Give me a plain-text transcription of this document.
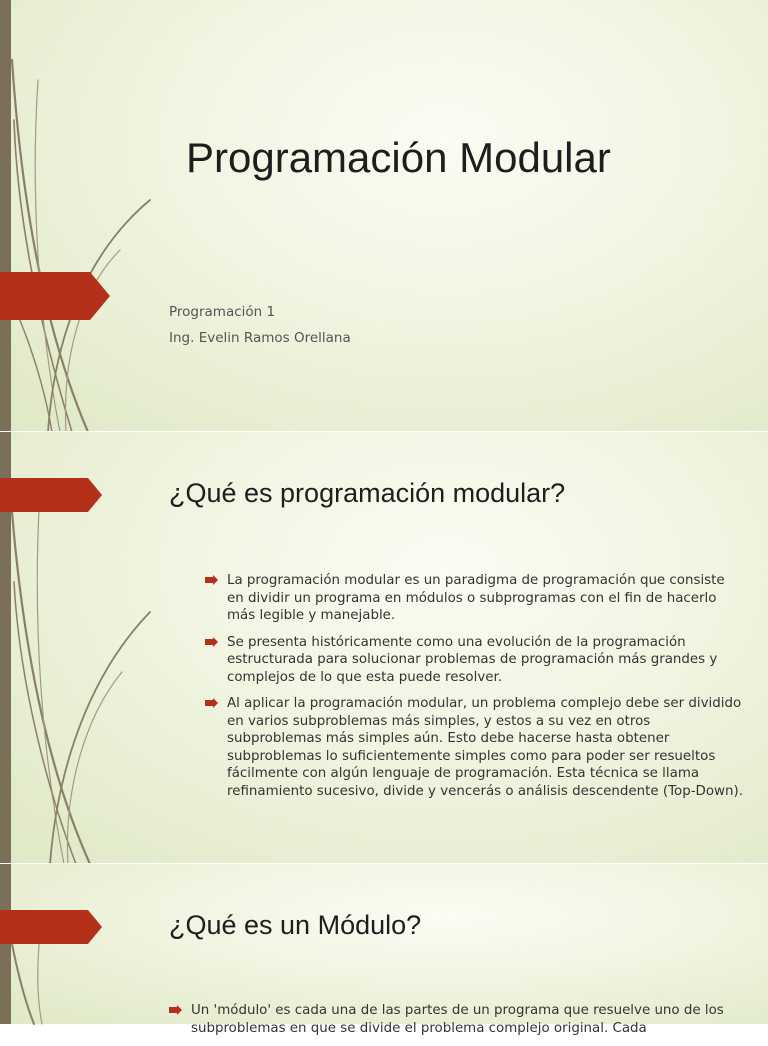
Programación Modular

Programación 1

Ing. Evelin Ramos Orellana

¿Qué es programación modular?
La programación modular es un paradigma de programación que consiste en dividir un programa en módulos o subprogramas con el fin de hacerlo más legible y manejable.
Se presenta históricamente como una evolución de la programación estructurada para solucionar problemas de programación más grandes y complejos de lo que esta puede resolver.
Al aplicar la programación modular, un problema complejo debe ser dividido en varios subproblemas más simples, y estos a su vez en otros subproblemas más simples aún. Esto debe hacerse hasta obtener subproblemas lo suficientemente simples como para poder ser resueltos fácilmente con algún lenguaje de programación. Esta técnica se llama refinamiento sucesivo, divide y vencerás o análisis descendente (Top-Down).
¿Qué es un Módulo?
Un 'módulo' es cada una de las partes de un programa que resuelve uno de los subproblemas en que se divide el problema complejo original. Cada
